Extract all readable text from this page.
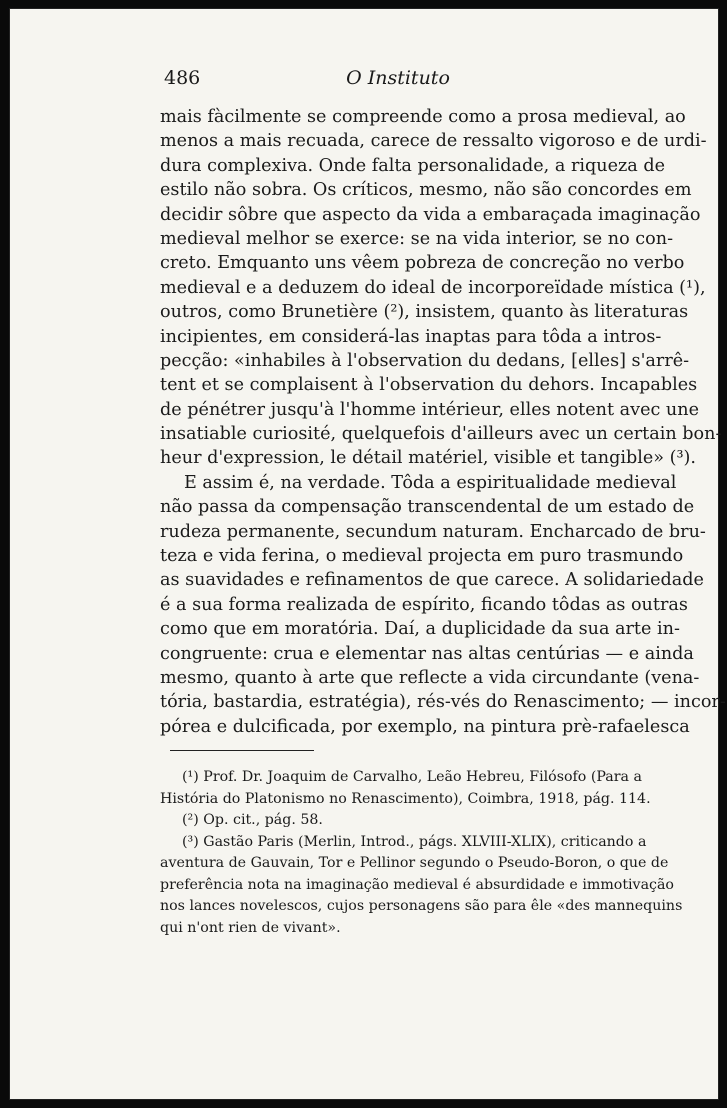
486	O Instituto
mais fàcilmente se compreende como a prosa medieval, ao
menos a mais recuada, carece de ressalto vigoroso e de urdi-
dura complexiva. Onde falta personalidade, a riqueza de
estilo não sobra. Os críticos, mesmo, não são concordes em
decidir sôbre que aspecto da vida a embaraçada imaginação
medieval melhor se exerce: se na vida interior, se no con-
creto. Emquanto uns vêem pobreza de concreção no verbo
medieval e a deduzem do ideal de incorporeïdade mística (¹),
outros, como Brunetière (²), insistem, quanto às literaturas
incipientes, em considerá-las inaptas para tôda a intros-
pecção: «inhabiles à l'observation du dedans, [elles] s'arrê-
tent et se complaisent à l'observation du dehors. Incapables
de pénétrer jusqu'à l'homme intérieur, elles notent avec une
insatiable curiosité, quelquefois d'ailleurs avec un certain bon-
heur d'expression, le détail matériel, visible et tangible» (³).
E assim é, na verdade. Tôda a espiritualidade medieval
não passa da compensação transcendental de um estado de
rudeza permanente, secundum naturam. Encharcado de bru-
teza e vida ferina, o medieval projecta em puro trasmundo
as suavidades e refinamentos de que carece. A solidariedade
é a sua forma realizada de espírito, ficando tôdas as outras
como que em moratória. Daí, a duplicidade da sua arte in-
congruente: crua e elementar nas altas centúrias — e ainda
mesmo, quanto à arte que reflecte a vida circundante (vena-
tória, bastardia, estratégia), rés-vés do Renascimento; — incor-
pórea e dulcificada, por exemplo, na pintura prè-rafaelesca
(¹) Prof. Dr. Joaquim de Carvalho, Leão Hebreu, Filósofo (Para a
História do Platonismo no Renascimento), Coimbra, 1918, pág. 114.
(²) Op. cit., pág. 58.
(³) Gastão Paris (Merlin, Introd., págs. XLVIII-XLIX), criticando a
aventura de Gauvain, Tor e Pellinor segundo o Pseudo-Boron, o que de
preferência nota na imaginação medieval é absurdidade e immotivação
nos lances novelescos, cujos personagens são para êle «des mannequins
qui n'ont rien de vivant».
